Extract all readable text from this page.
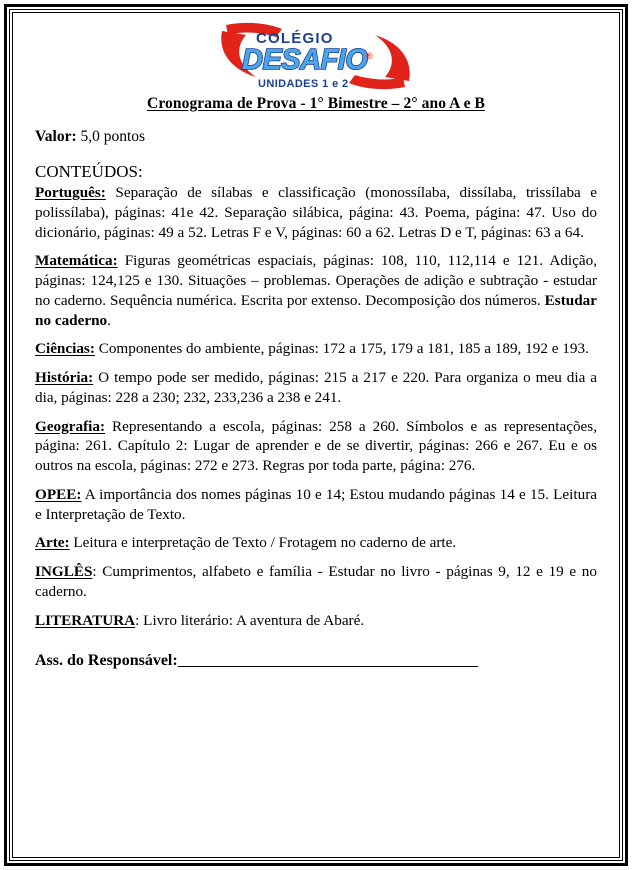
COLÉGIO
DESAFIO
®
UNIDADES 1 e 2
Cronograma de Prova - 1° Bimestre – 2° ano A e B
Valor: 5,0 pontos
CONTEÚDOS:

Português: Separação de sílabas e classificação (monossílaba, dissílaba, trissílaba e polissílaba), páginas: 41e 42. Separação silábica, página: 43. Poema, página: 47. Uso do dicionário, páginas: 49 a 52. Letras F e V, páginas: 60 a 62. Letras D e T, páginas: 63 a 64.

Matemática: Figuras geométricas espaciais, páginas: 108, 110, 112,114 e 121. Adição, páginas: 124,125 e 130. Situações – problemas. Operações de adição e subtração - estudar no caderno. Sequência numérica. Escrita por extenso. Decomposição dos números. Estudar no caderno.

Ciências: Componentes do ambiente, páginas: 172 a 175, 179 a 181, 185 a 189, 192 e 193.

História: O tempo pode ser medido, páginas: 215 a 217 e 220. Para organiza o meu dia a dia, páginas: 228 a 230; 232, 233,236 a 238 e 241.

Geografia: Representando a escola, páginas: 258 a 260. Símbolos e as representações, página: 261. Capítulo 2: Lugar de aprender e de se divertir, páginas: 266 e 267. Eu e os outros na escola, páginas: 272 e 273. Regras por toda parte, página: 276.

OPEE: A importância dos nomes páginas 10 e 14; Estou mudando páginas 14 e 15. Leitura e Interpretação de Texto.

Arte: Leitura e interpretação de Texto / Frotagem no caderno de arte.

INGLÊS: Cumprimentos, alfabeto e família - Estudar no livro - páginas 9, 12 e 19 e no caderno.

LITERATURA: Livro literário: A aventura de Abaré.

Ass. do Responsável:________________________________________
